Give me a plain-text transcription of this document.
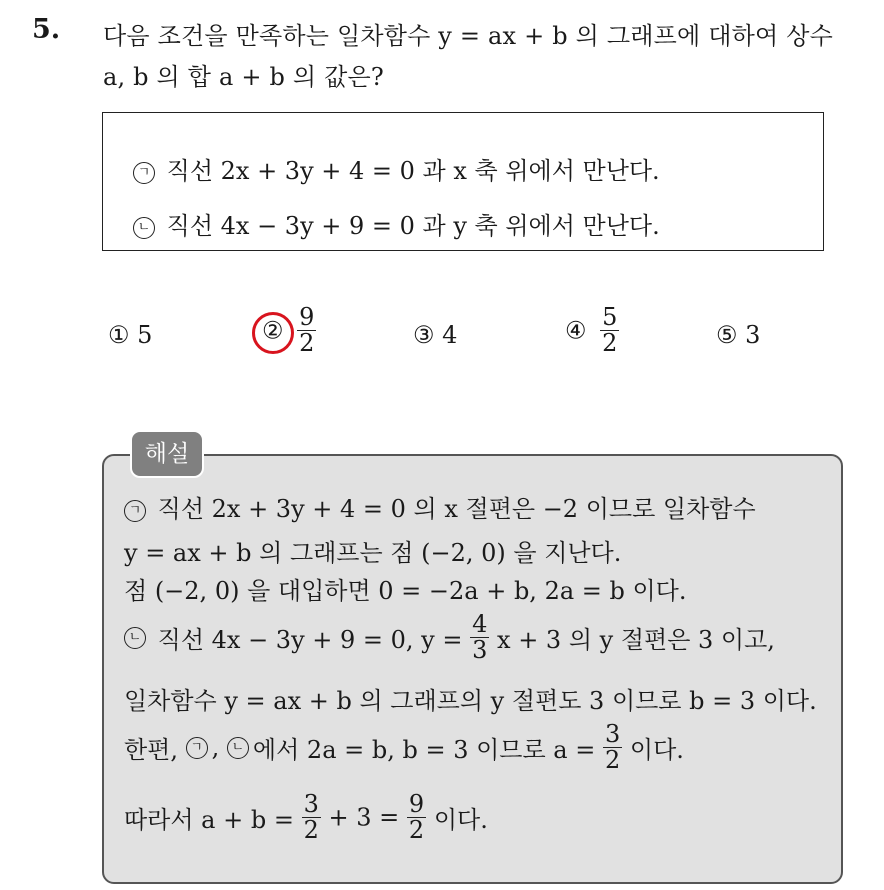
5. 다음 조건을 만족하는 일차함수 y = ax + b 의 그래프에 대하여 상수
a, b 의 합 a + b 의 값은?
ㄱ 직선 2x + 3y + 4 = 0 과 x 축 위에서 만난다.
ㄴ 직선 4x − 3y + 9 = 0 과 y 축 위에서 만난다.
① 5	② $\frac{9}{2}$	③ 4	④ $\frac{5}{2}$	⑤ 3
해설
ㄱ 직선 2x + 3y + 4 = 0 의 x 절편은 −2 이므로 일차함수
y = ax + b 의 그래프는 점 (−2, 0) 을 지난다.
점 (−2, 0) 을 대입하면 0 = −2a + b, 2a = b 이다.
ㄴ 직선 4x − 3y + 9 = 0, $y = \frac{4}{3}$ x + 3 의 y 절편은 3 이고,
일차함수 y = ax + b 의 그래프의 y 절편도 3 이므로 b = 3 이다.
한편, ㄱ , ㄴ 에서 2a = b, b = 3 이므로 $a = \frac{3}{2}$ 이다.
따라서 $a + b = \frac{3}{2} + 3 = \frac{9}{2}$ 이다.
